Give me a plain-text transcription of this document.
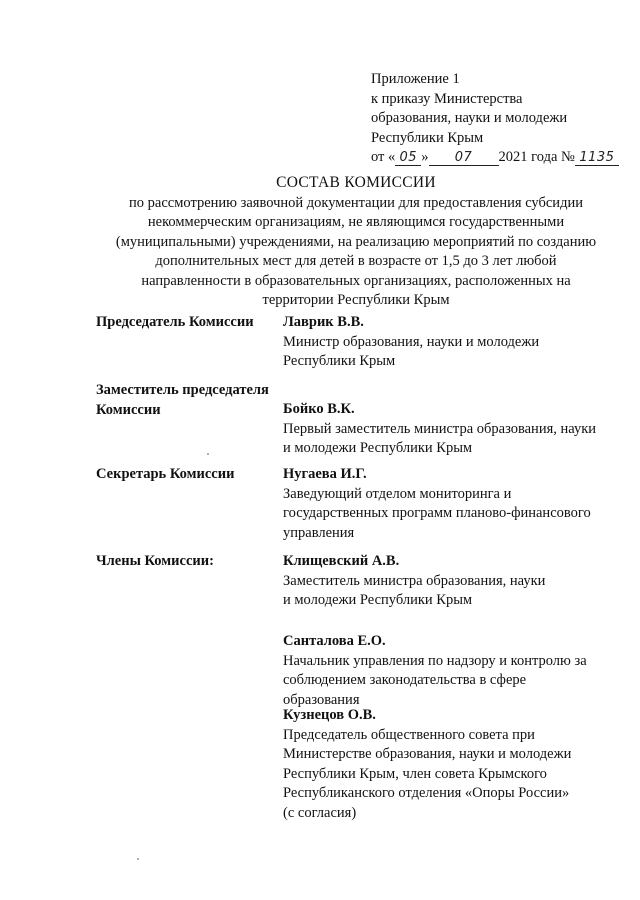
Приложение 1
к приказу Министерства
образования, науки и молодежи
Республики Крым
от « 05 » 07 2021 года № 1135
СОСТАВ КОМИССИИ
по рассмотрению заявочной документации для предоставления субсидии
некоммерческим организациям, не являющимся государственными
(муниципальными) учреждениями, на реализацию мероприятий по созданию
дополнительных мест для детей в возрасте от 1,5 до 3 лет любой
направленности в образовательных организациях, расположенных на
территории Республики Крым
Председатель Комиссии	Лаврик В.В.
Министр образования, науки и молодежи
Республики Крым
Заместитель председателя
Комиссии	Бойко В.К.
Первый заместитель министра образования, науки
и молодежи Республики Крым
Секретарь Комиссии	Нугаева И.Г.
Заведующий отделом мониторинга и
государственных программ планово-финансового
управления
Члены Комиссии:	Клищевский А.В.
Заместитель министра образования, науки
и молодежи Республики Крым
Санталова Е.О.
Начальник управления по надзору и контролю за
соблюдением законодательства в сфере
образования
Кузнецов О.В.
Председатель общественного совета при
Министерстве образования, науки и молодежи
Республики Крым, член совета Крымского
Республиканского отделения «Опоры России»
(с согласия)
